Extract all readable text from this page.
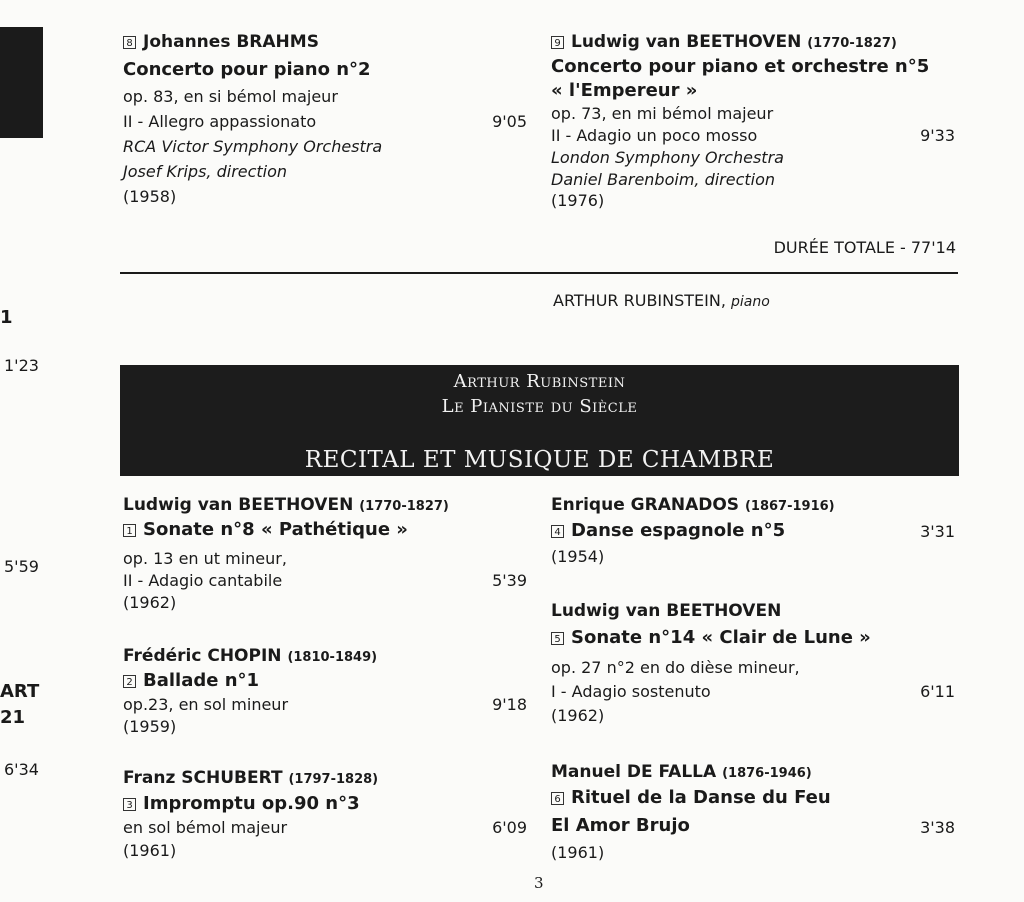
1
1'23
5'59
ART
21
6'34
8 Johannes BRAHMS
Concerto pour piano n°2
op. 83, en si bémol majeur
II - Allegro appassionato	9'05
RCA Victor Symphony Orchestra
Josef Krips, direction
(1958)
9 Ludwig van BEETHOVEN (1770-1827)
Concerto pour piano et orchestre n°5
« l'Empereur »
op. 73, en mi bémol majeur
II - Adagio un poco mosso	9'33
London Symphony Orchestra
Daniel Barenboim, direction
(1976)
DURÉE TOTALE - 77'14
ARTHUR RUBINSTEIN, piano
Arthur Rubinstein
Le Pianiste du Siècle
RECITAL ET MUSIQUE DE CHAMBRE
Ludwig van BEETHOVEN (1770-1827)
1 Sonate n°8 « Pathétique »
op. 13 en ut mineur,
II - Adagio cantabile	5'39
(1962)
Frédéric CHOPIN (1810-1849)
2 Ballade n°1
op.23, en sol mineur	9'18
(1959)
Franz SCHUBERT (1797-1828)
3 Impromptu op.90 n°3
en sol bémol majeur	6'09
(1961)
Enrique GRANADOS (1867-1916)
4 Danse espagnole n°5	3'31
(1954)
Ludwig van BEETHOVEN
5 Sonate n°14 « Clair de Lune »
op. 27 n°2 en do dièse mineur,
I - Adagio sostenuto	6'11
(1962)
Manuel DE FALLA (1876-1946)
6 Rituel de la Danse du Feu
El Amor Brujo	3'38
(1961)
3
